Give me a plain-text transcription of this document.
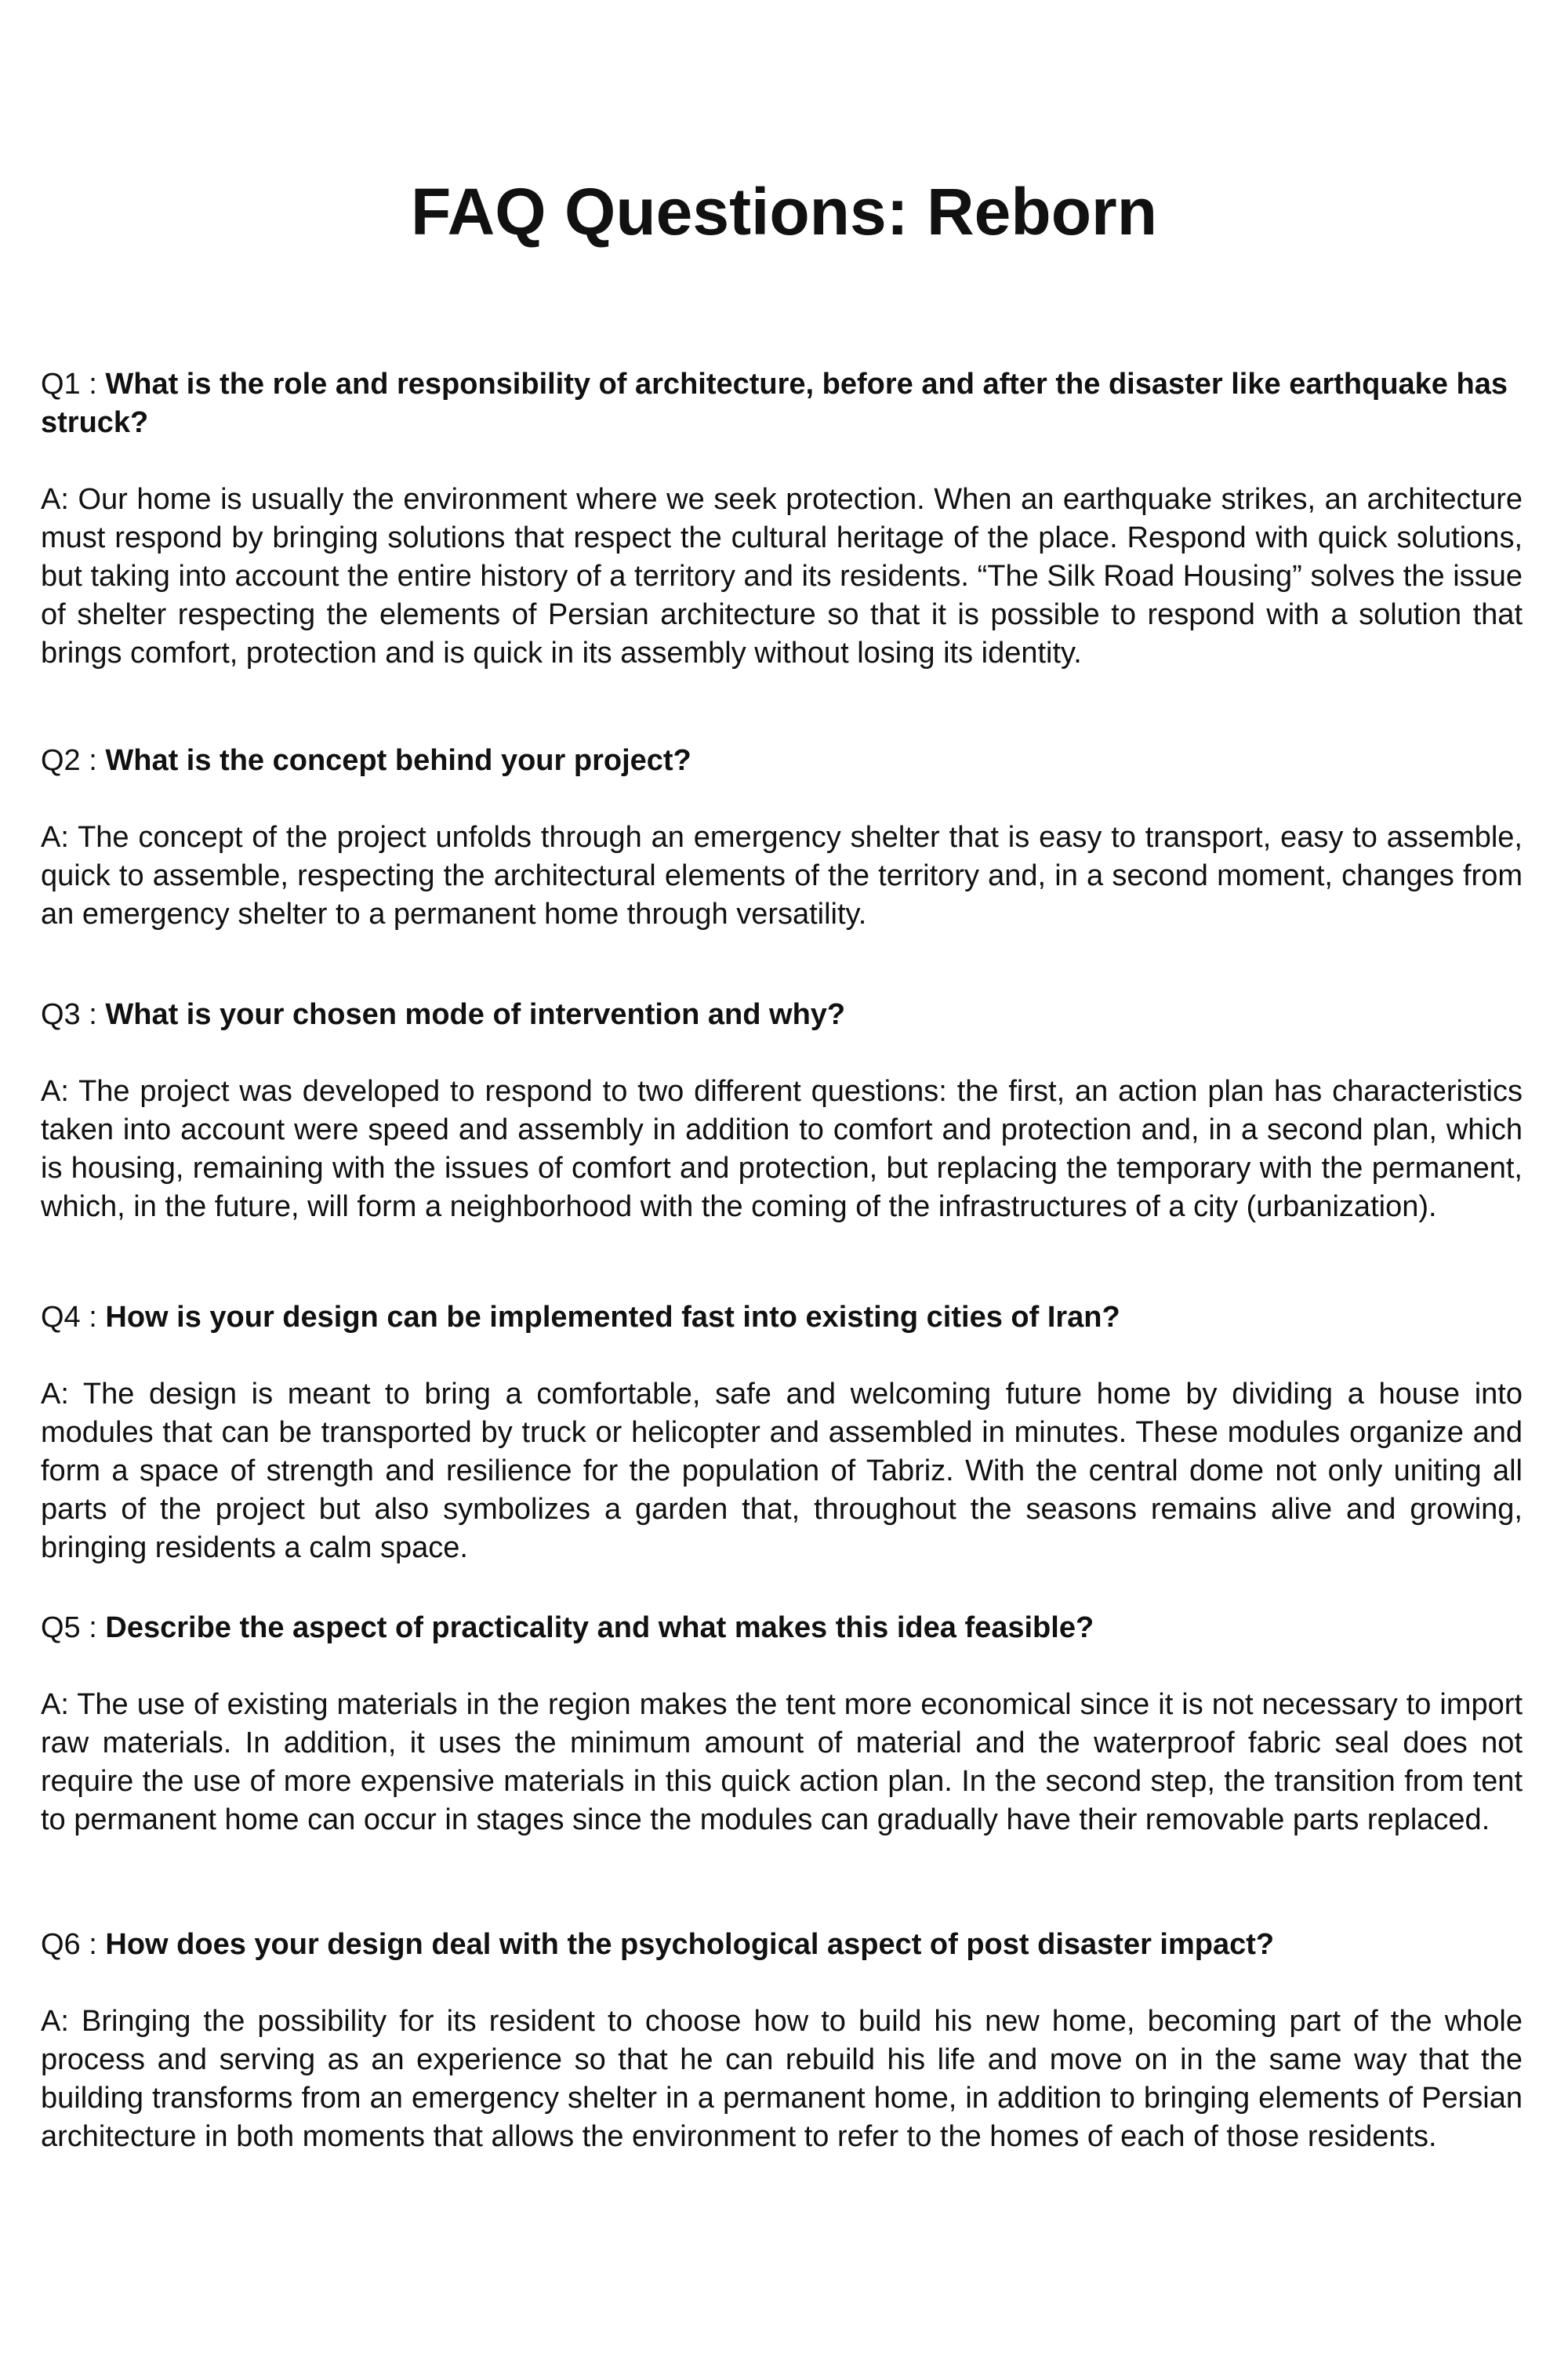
FAQ Questions: Reborn

Q1 : What is the role and responsibility of architecture, before and after the disaster like earthquake has struck?

A: Our home is usually the environment where we seek protection. When an earthquake strikes, an architecture must respond by bringing solutions that respect the cultural heritage of the place. Respond with quick solutions, but taking into account the entire history of a territory and its residents. “The Silk Road Housing” solves the issue of shelter respecting the elements of Persian architecture so that it is possible to respond with a solution that brings comfort, protection and is quick in its assembly without losing its identity.

Q2 : What is the concept behind your project?

A: The concept of the project unfolds through an emergency shelter that is easy to transport, easy to assemble, quick to assemble, respecting the architectural elements of the territory and, in a second moment, changes from an emergency shelter to a permanent home through versatility.

Q3 : What is your chosen mode of intervention and why?

A: The project was developed to respond to two different questions: the first, an action plan has characteristics taken into account were speed and assembly in addition to comfort and protection and, in a second plan, which is housing, remaining with the issues of comfort and protection, but replacing the temporary with the permanent, which, in the future, will form a neighborhood with the coming of the infrastructures of a city (urbanization).

Q4 : How is your design can be implemented fast into existing cities of Iran?

A: The design is meant to bring a comfortable, safe and welcoming future home by dividing a house into modules that can be transported by truck or helicopter and assembled in minutes. These modules organize and form a space of strength and resilience for the population of Tabriz. With the central dome not only uniting all parts of the project but also symbolizes a garden that, throughout the seasons remains alive and growing, bringing residents a calm space.

Q5 : Describe the aspect of practicality and what makes this idea feasible?

A: The use of existing materials in the region makes the tent more economical since it is not necessary to import raw materials. In addition, it uses the minimum amount of material and the waterproof fabric seal does not require the use of more expensive materials in this quick action plan. In the second step, the transition from tent to permanent home can occur in stages since the modules can gradually have their removable parts replaced.

Q6 : How does your design deal with the psychological aspect of post disaster impact?

A: Bringing the possibility for its resident to choose how to build his new home, becoming part of the whole process and serving as an experience so that he can rebuild his life and move on in the same way that the building transforms from an emergency shelter in a permanent home, in addition to bringing elements of Persian architecture in both moments that allows the environment to refer to the homes of each of those residents.
